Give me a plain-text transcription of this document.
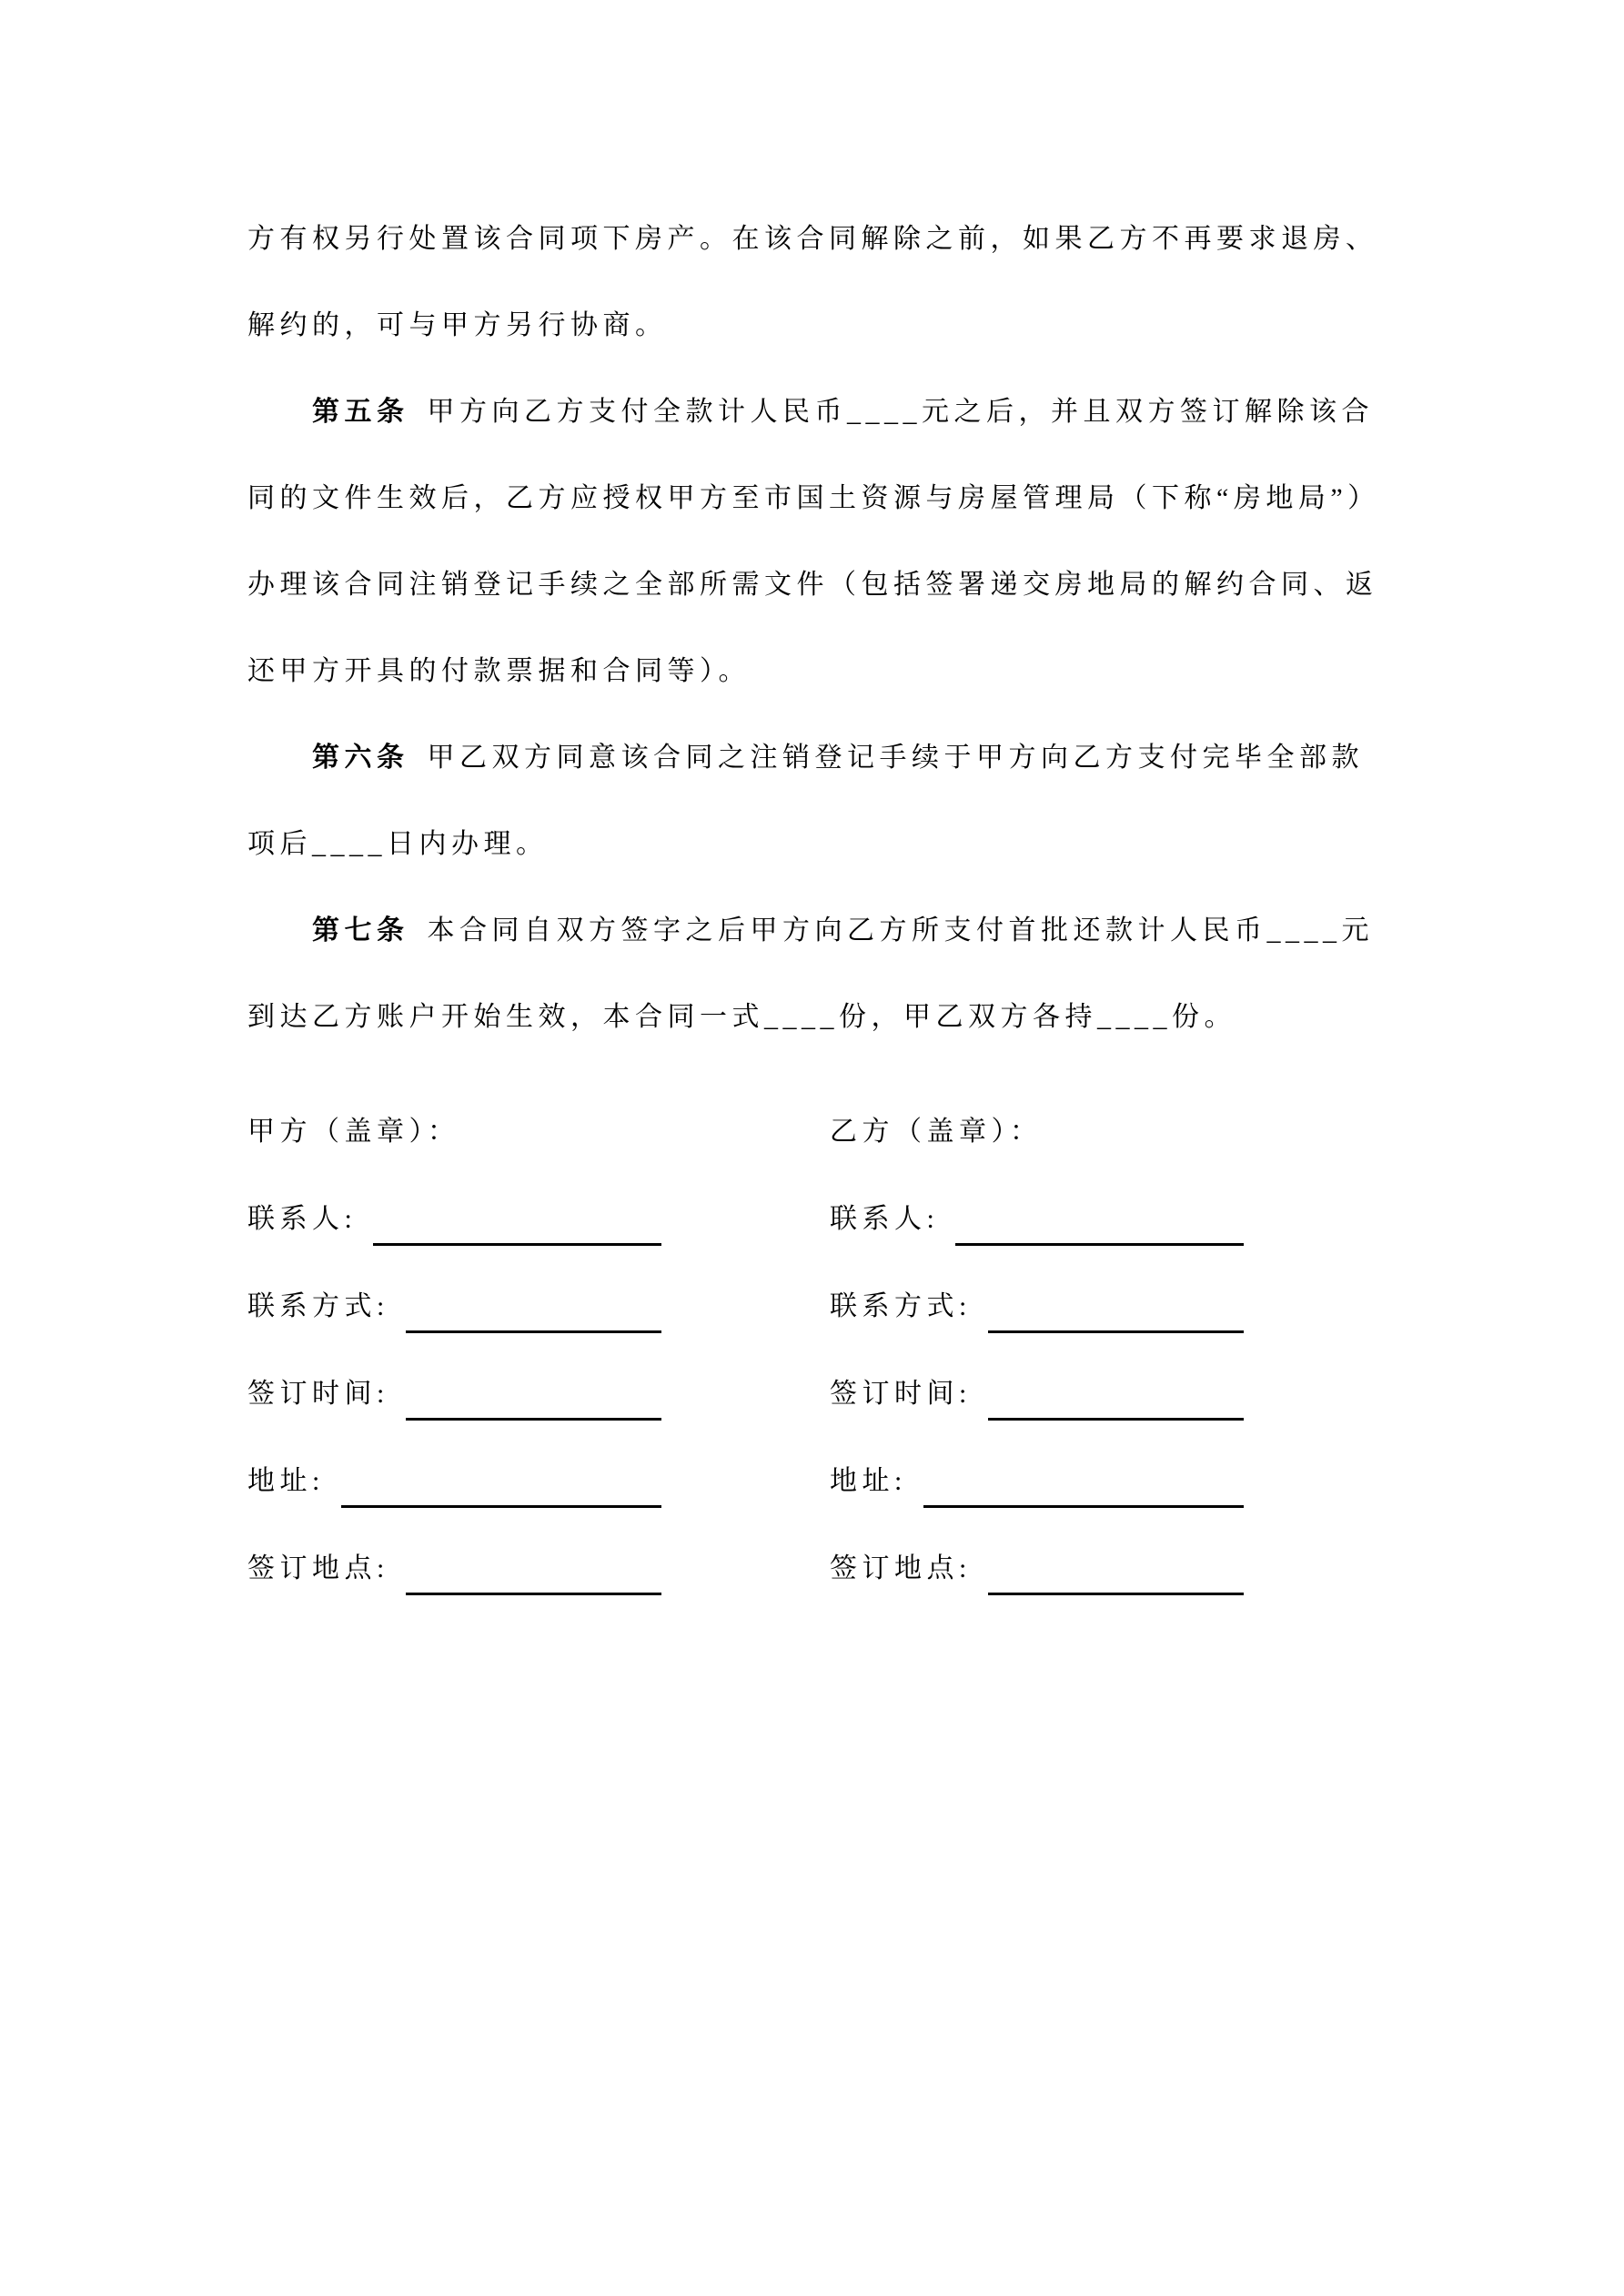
方有权另行处置该合同项下房产。在该合同解除之前，如果乙方不再要求退房、
解约的，可与甲方另行协商。
第五条 甲方向乙方支付全款计人民币____元之后，并且双方签订解除该合
同的文件生效后，乙方应授权甲方至市国土资源与房屋管理局（下称“房地局”）
办理该合同注销登记手续之全部所需文件（包括签署递交房地局的解约合同、返
还甲方开具的付款票据和合同等）。
第六条 甲乙双方同意该合同之注销登记手续于甲方向乙方支付完毕全部款
项后____日内办理。
第七条 本合同自双方签字之后甲方向乙方所支付首批还款计人民币____元
到达乙方账户开始生效，本合同一式____份，甲乙双方各持____份。
甲方（盖章）：
联系人:
联系方式:
签订时间:
地址:
签订地点:
乙方（盖章）：
联系人:
联系方式:
签订时间:
地址:
签订地点:
